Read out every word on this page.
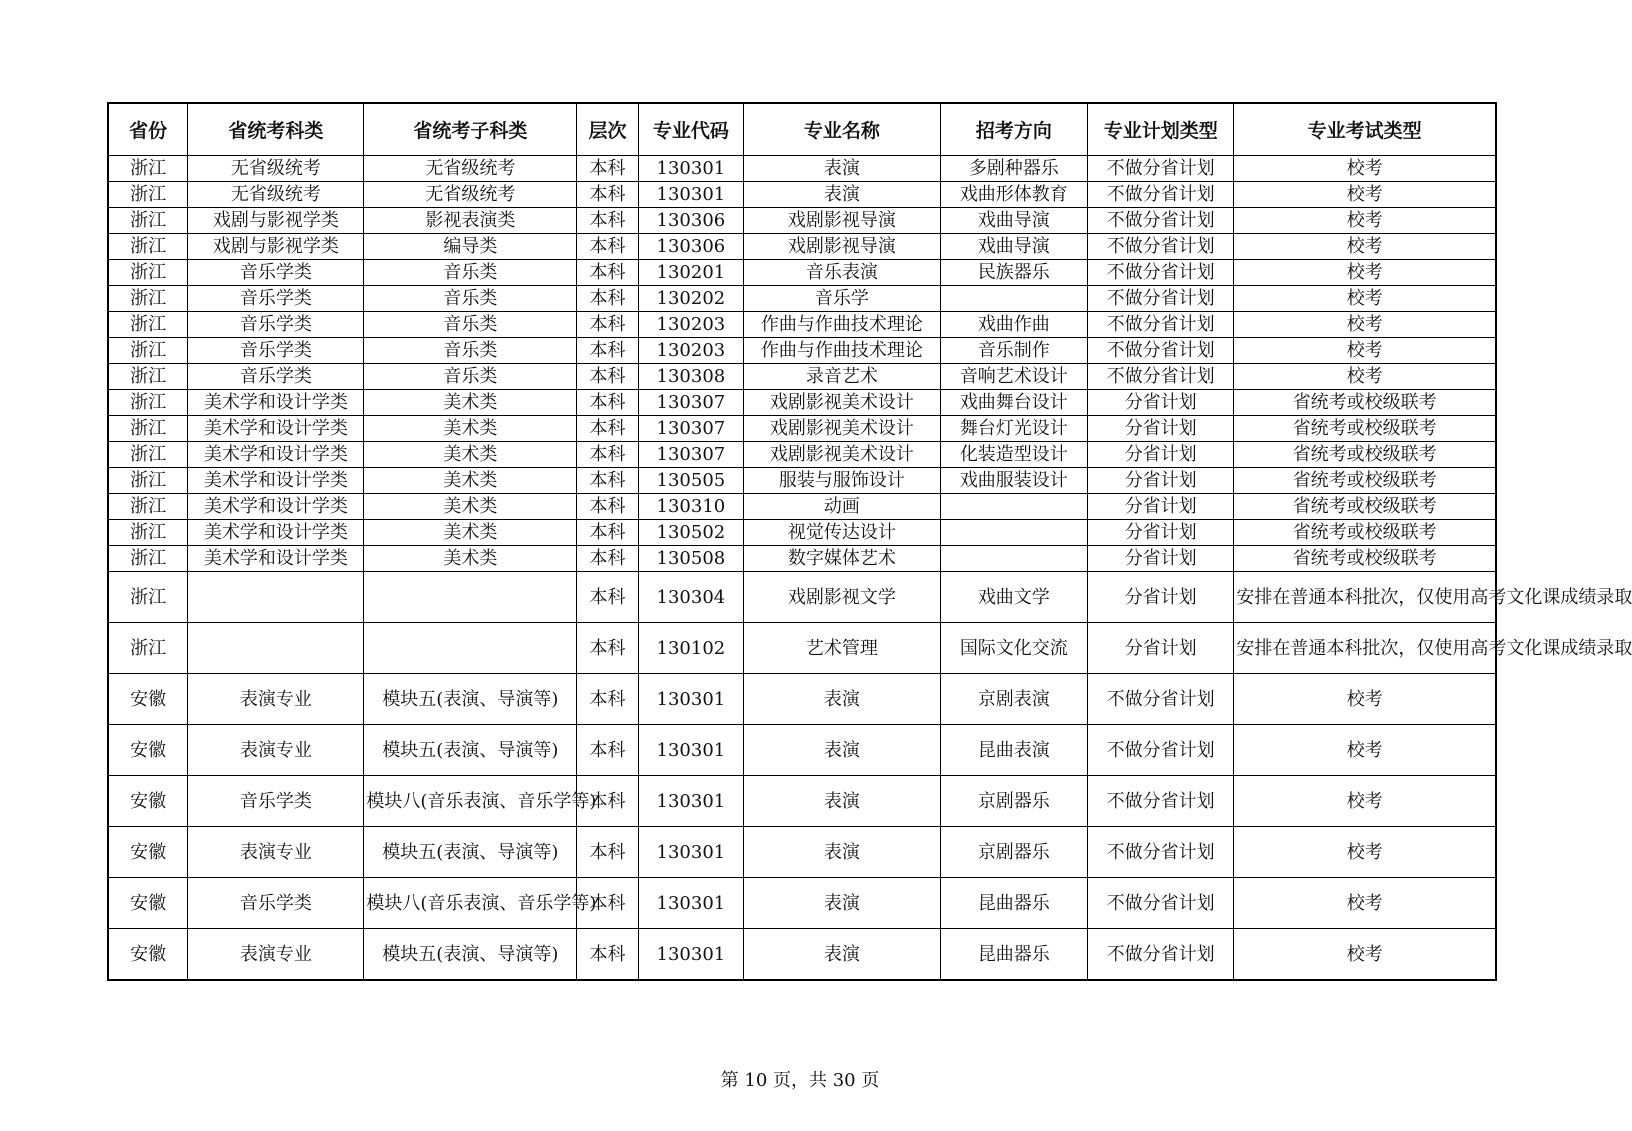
省份	省统考科类	省统考子科类	层次	专业代码	专业名称	招考方向	专业计划类型	专业考试类型
浙江	无省级统考	无省级统考	本科	130301	表演	多剧种器乐	不做分省计划	校考
浙江	无省级统考	无省级统考	本科	130301	表演	戏曲形体教育	不做分省计划	校考
浙江	戏剧与影视学类	影视表演类	本科	130306	戏剧影视导演	戏曲导演	不做分省计划	校考
浙江	戏剧与影视学类	编导类	本科	130306	戏剧影视导演	戏曲导演	不做分省计划	校考
浙江	音乐学类	音乐类	本科	130201	音乐表演	民族器乐	不做分省计划	校考
浙江	音乐学类	音乐类	本科	130202	音乐学		不做分省计划	校考
浙江	音乐学类	音乐类	本科	130203	作曲与作曲技术理论	戏曲作曲	不做分省计划	校考
浙江	音乐学类	音乐类	本科	130203	作曲与作曲技术理论	音乐制作	不做分省计划	校考
浙江	音乐学类	音乐类	本科	130308	录音艺术	音响艺术设计	不做分省计划	校考
浙江	美术学和设计学类	美术类	本科	130307	戏剧影视美术设计	戏曲舞台设计	分省计划	省统考或校级联考
浙江	美术学和设计学类	美术类	本科	130307	戏剧影视美术设计	舞台灯光设计	分省计划	省统考或校级联考
浙江	美术学和设计学类	美术类	本科	130307	戏剧影视美术设计	化装造型设计	分省计划	省统考或校级联考
浙江	美术学和设计学类	美术类	本科	130505	服装与服饰设计	戏曲服装设计	分省计划	省统考或校级联考
浙江	美术学和设计学类	美术类	本科	130310	动画		分省计划	省统考或校级联考
浙江	美术学和设计学类	美术类	本科	130502	视觉传达设计		分省计划	省统考或校级联考
浙江	美术学和设计学类	美术类	本科	130508	数字媒体艺术		分省计划	省统考或校级联考
浙江			本科	130304	戏剧影视文学	戏曲文学	分省计划	安排在普通本科批次，仅使用高考文化课成绩录取
浙江			本科	130102	艺术管理	国际文化交流	分省计划	安排在普通本科批次，仅使用高考文化课成绩录取
安徽	表演专业	模块五(表演、导演等)	本科	130301	表演	京剧表演	不做分省计划	校考
安徽	表演专业	模块五(表演、导演等)	本科	130301	表演	昆曲表演	不做分省计划	校考
安徽	音乐学类	模块八(音乐表演、音乐学等)	本科	130301	表演	京剧器乐	不做分省计划	校考
安徽	表演专业	模块五(表演、导演等)	本科	130301	表演	京剧器乐	不做分省计划	校考
安徽	音乐学类	模块八(音乐表演、音乐学等)	本科	130301	表演	昆曲器乐	不做分省计划	校考
安徽	表演专业	模块五(表演、导演等)	本科	130301	表演	昆曲器乐	不做分省计划	校考
第 10 页，共 30 页
